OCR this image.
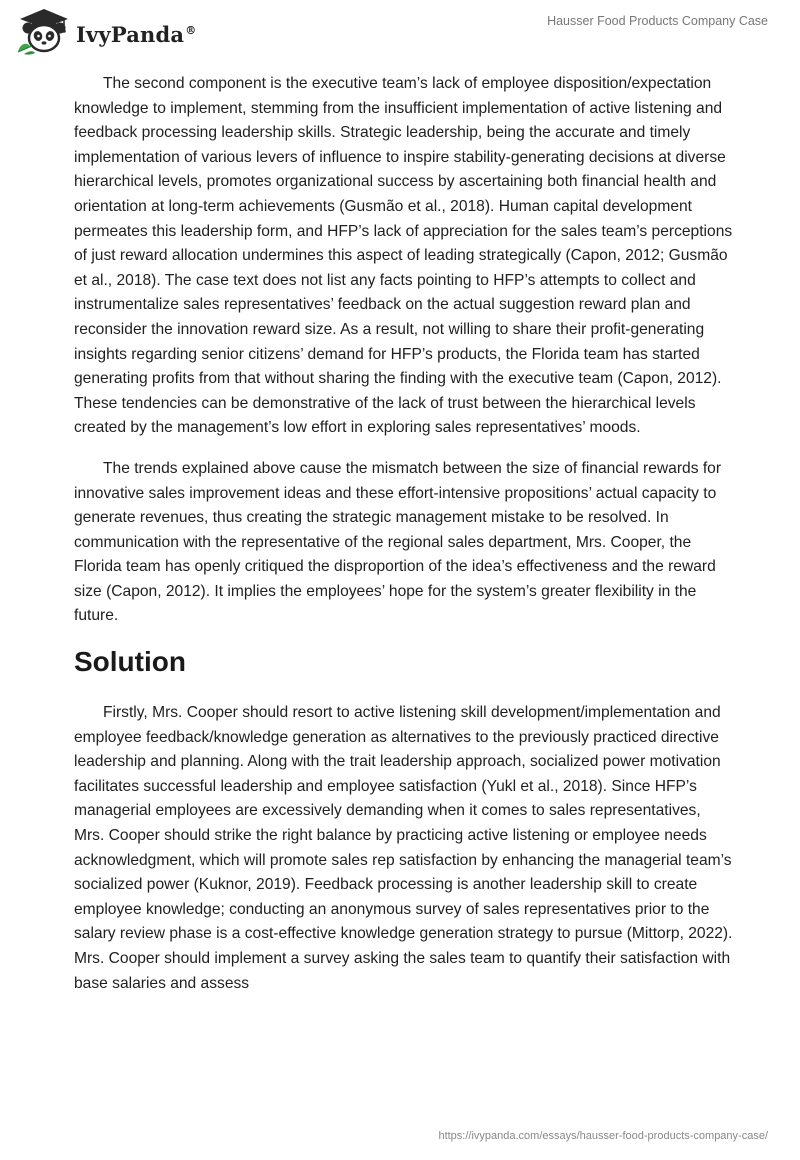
IvyPanda®
Hausser Food Products Company Case

The second component is the executive team’s lack of employee disposition/expectation knowledge to implement, stemming from the insufficient implementation of active listening and feedback processing leadership skills. Strategic leadership, being the accurate and timely implementation of various levers of influence to inspire stability-generating decisions at diverse hierarchical levels, promotes organizational success by ascertaining both financial health and orientation at long-term achievements (Gusmão et al., 2018). Human capital development permeates this leadership form, and HFP’s lack of appreciation for the sales team’s perceptions of just reward allocation undermines this aspect of leading strategically (Capon, 2012; Gusmão et al., 2018). The case text does not list any facts pointing to HFP’s attempts to collect and instrumentalize sales representatives’ feedback on the actual suggestion reward plan and reconsider the innovation reward size. As a result, not willing to share their profit-generating insights regarding senior citizens’ demand for HFP’s products, the Florida team has started generating profits from that without sharing the finding with the executive team (Capon, 2012). These tendencies can be demonstrative of the lack of trust between the hierarchical levels created by the management’s low effort in exploring sales representatives’ moods.

The trends explained above cause the mismatch between the size of financial rewards for innovative sales improvement ideas and these effort-intensive propositions’ actual capacity to generate revenues, thus creating the strategic management mistake to be resolved. In communication with the representative of the regional sales department, Mrs. Cooper, the Florida team has openly critiqued the disproportion of the idea’s effectiveness and the reward size (Capon, 2012). It implies the employees’ hope for the system’s greater flexibility in the future.

Solution

Firstly, Mrs. Cooper should resort to active listening skill development/implementation and employee feedback/knowledge generation as alternatives to the previously practiced directive leadership and planning. Along with the trait leadership approach, socialized power motivation facilitates successful leadership and employee satisfaction (Yukl et al., 2018). Since HFP’s managerial employees are excessively demanding when it comes to sales representatives, Mrs. Cooper should strike the right balance by practicing active listening or employee needs acknowledgment, which will promote sales rep satisfaction by enhancing the managerial team’s socialized power (Kuknor, 2019). Feedback processing is another leadership skill to create employee knowledge; conducting an anonymous survey of sales representatives prior to the salary review phase is a cost-effective knowledge generation strategy to pursue (Mittorp, 2022). Mrs. Cooper should implement a survey asking the sales team to quantify their satisfaction with base salaries and assess

https://ivypanda.com/essays/hausser-food-products-company-case/
